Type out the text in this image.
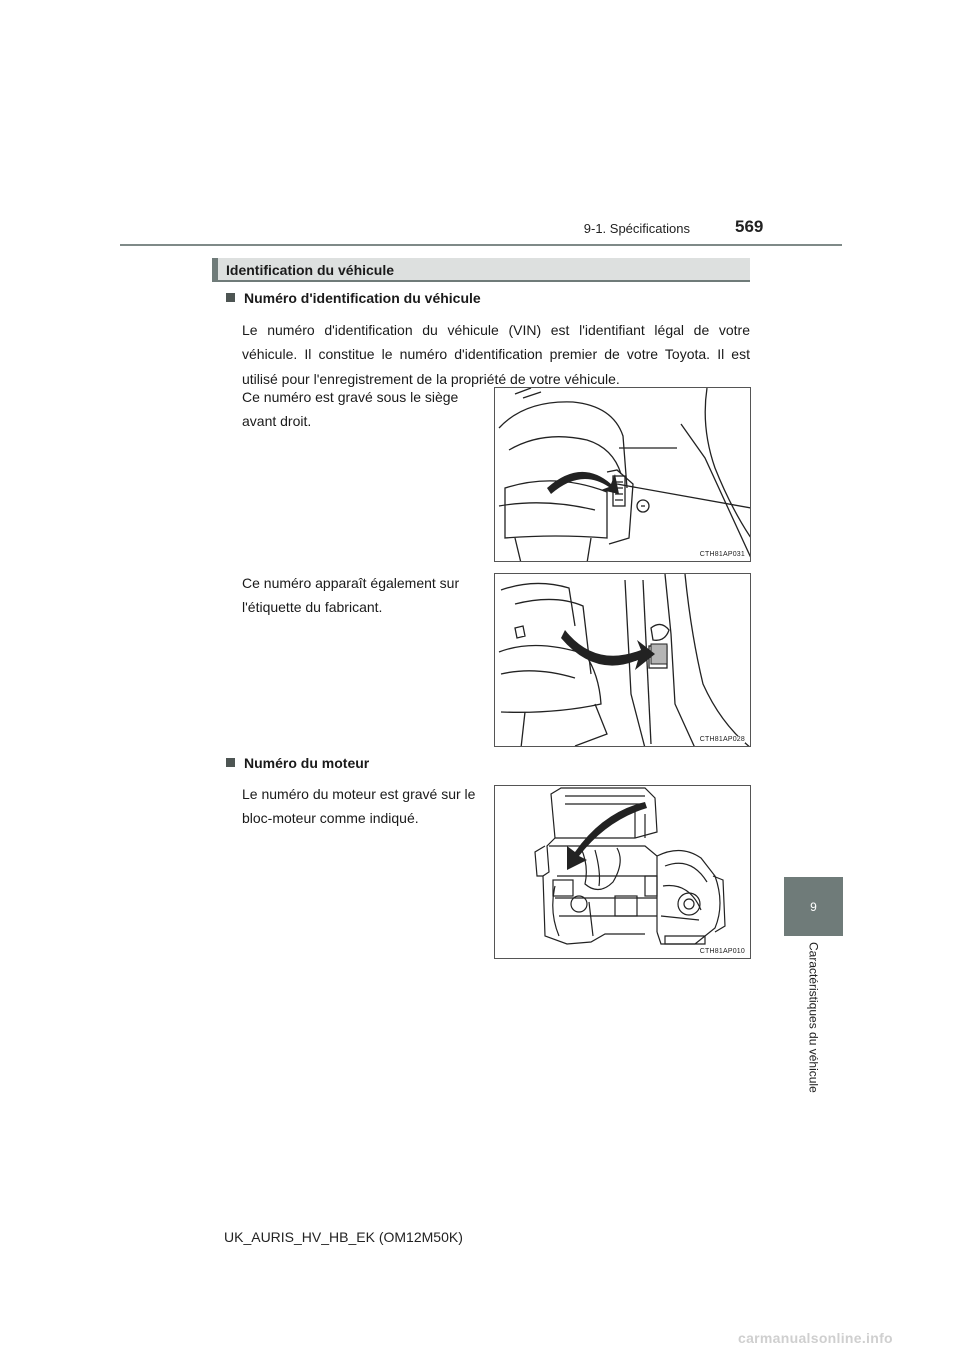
9-1. Spécifications	569
9
Caractéristiques du véhicule
Identification du véhicule
Numéro d'identification du véhicule

Le numéro d'identification du véhicule (VIN) est l'identifiant légal de votre véhicule. Il constitue le numéro d'identification premier de votre Toyota. Il est utilisé pour l'enregistrement de la propriété de votre véhicule.

Ce numéro est gravé sous le siège avant droit.

CTH81AP031

Ce numéro apparaît également sur l'étiquette du fabricant.

CTH81AP028
Numéro du moteur

Le numéro du moteur est gravé sur le bloc-moteur comme indiqué.

CTH81AP010
UK_AURIS_HV_HB_EK (OM12M50K)
carmanualsonline.info
